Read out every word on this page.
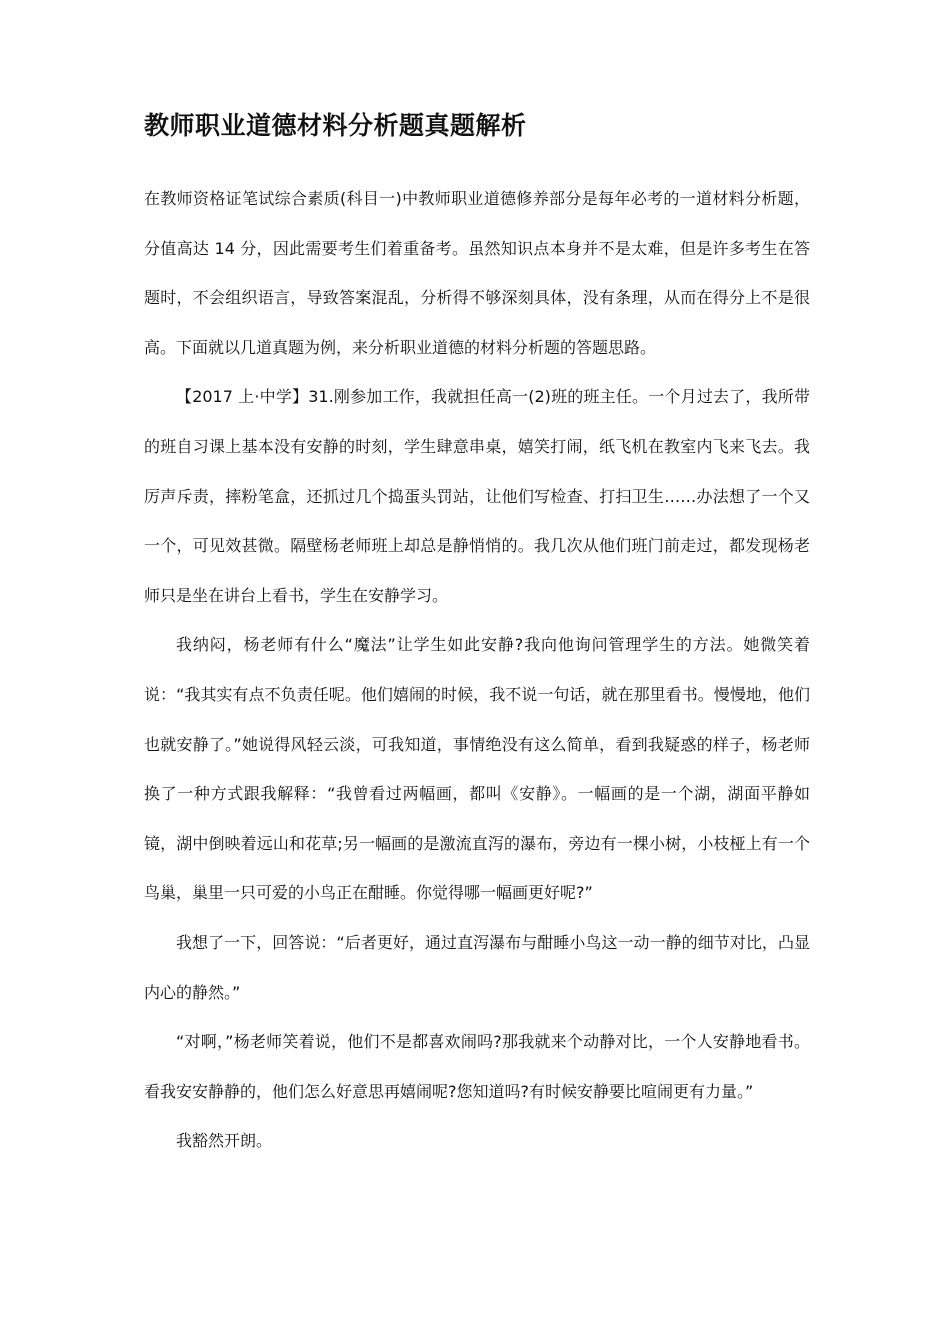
教师职业道德材料分析题真题解析

在教师资格证笔试综合素质(科目一)中教师职业道德修养部分是每年必考的一道材料分析题，分值高达 14 分，因此需要考生们着重备考。虽然知识点本身并不是太难，但是许多考生在答题时，不会组织语言，导致答案混乱，分析得不够深刻具体，没有条理，从而在得分上不是很高。下面就以几道真题为例，来分析职业道德的材料分析题的答题思路。

【2017 上·中学】31.刚参加工作，我就担任高一(2)班的班主任。一个月过去了，我所带的班自习课上基本没有安静的时刻，学生肆意串桌，嬉笑打闹，纸飞机在教室内飞来飞去。我厉声斥责，摔粉笔盒，还抓过几个捣蛋头罚站，让他们写检查、打扫卫生……办法想了一个又一个，可见效甚微。隔壁杨老师班上却总是静悄悄的。我几次从他们班门前走过，都发现杨老师只是坐在讲台上看书，学生在安静学习。

我纳闷，杨老师有什么“魔法”让学生如此安静?我向他询问管理学生的方法。她微笑着说：“我其实有点不负责任呢。他们嬉闹的时候，我不说一句话，就在那里看书。慢慢地，他们也就安静了。”她说得风轻云淡，可我知道，事情绝没有这么简单，看到我疑惑的样子，杨老师换了一种方式跟我解释：“我曾看过两幅画，都叫《安静》。一幅画的是一个湖，湖面平静如镜，湖中倒映着远山和花草;另一幅画的是激流直泻的瀑布，旁边有一棵小树，小枝桠上有一个鸟巢，巢里一只可爱的小鸟正在酣睡。你觉得哪一幅画更好呢?”

我想了一下，回答说：“后者更好，通过直泻瀑布与酣睡小鸟这一动一静的细节对比，凸显内心的静然。”

“对啊，”杨老师笑着说，他们不是都喜欢闹吗?那我就来个动静对比，一个人安静地看书。看我安安静静的，他们怎么好意思再嬉闹呢?您知道吗?有时候安静要比喧闹更有力量。”

我豁然开朗。
